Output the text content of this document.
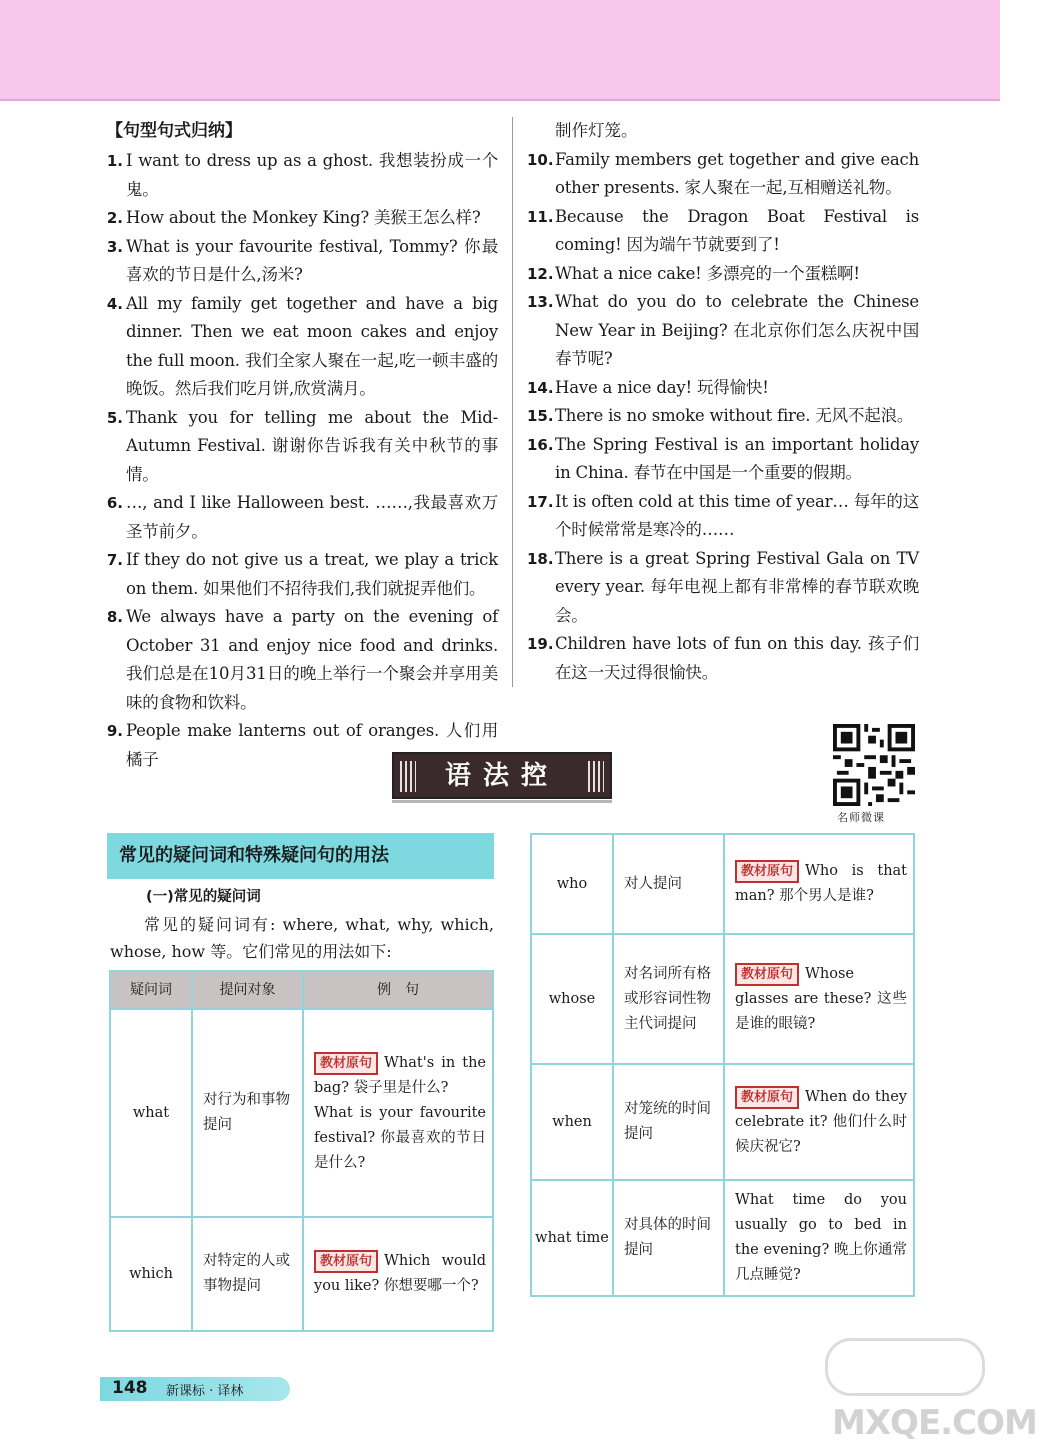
【句型句式归纳】
1. I want to dress up as a ghost. 我想装扮成一个鬼。
2. How about the Monkey King? 美猴王怎么样?
3. What is your favourite festival, Tommy? 你最喜欢的节日是什么,汤米?
4. All my family get together and have a big dinner. Then we eat moon cakes and enjoy the full moon. 我们全家人聚在一起,吃一顿丰盛的晚饭。然后我们吃月饼,欣赏满月。
5. Thank you for telling me about the Mid-Autumn Festival. 谢谢你告诉我有关中秋节的事情。
6. …, and I like Halloween best. ……,我最喜欢万圣节前夕。
7. If they do not give us a treat, we play a trick on them. 如果他们不招待我们,我们就捉弄他们。
8. We always have a party on the evening of October 31 and enjoy nice food and drinks. 我们总是在10月31日的晚上举行一个聚会并享用美味的食物和饮料。
9. People make lanterns out of oranges. 人们用橘子
制作灯笼。
10. Family members get together and give each other presents. 家人聚在一起,互相赠送礼物。
11. Because the Dragon Boat Festival is coming! 因为端午节就要到了!
12. What a nice cake! 多漂亮的一个蛋糕啊!
13. What do you do to celebrate the Chinese New Year in Beijing? 在北京你们怎么庆祝中国春节呢?
14. Have a nice day! 玩得愉快!
15. There is no smoke without fire. 无风不起浪。
16. The Spring Festival is an important holiday in China. 春节在中国是一个重要的假期。
17. It is often cold at this time of year… 每年的这个时候常常是寒冷的……
18. There is a great Spring Festival Gala on TV every year. 每年电视上都有非常棒的春节联欢晚会。
19. Children have lots of fun on this day. 孩子们在这一天过得很愉快。
语法控
名师微课
常见的疑问词和特殊疑问句的用法
(一)常见的疑问词
常见的疑问词有: where, what, why, which, whose, how 等。它们常见的用法如下:
疑问词	提问对象	例　句
what	对行为和事物提问	教材原句 What's in the bag? 袋子里是什么?
What is your favourite festival? 你最喜欢的节日是什么?
which	对特定的人或事物提问	教材原句 Which would you like? 你想要哪一个?
who	对人提问	教材原句 Who is that man? 那个男人是谁?
whose	对名词所有格或形容词性物主代词提问	教材原句 Whose glasses are these? 这些是谁的眼镜?
when	对笼统的时间提问	教材原句 When do they celebrate it? 他们什么时候庆祝它?
what time	对具体的时间提问	What time do you usually go to bed in the evening? 晚上你通常几点睡觉?
148 新课标 · 译林
MXQE.COM
